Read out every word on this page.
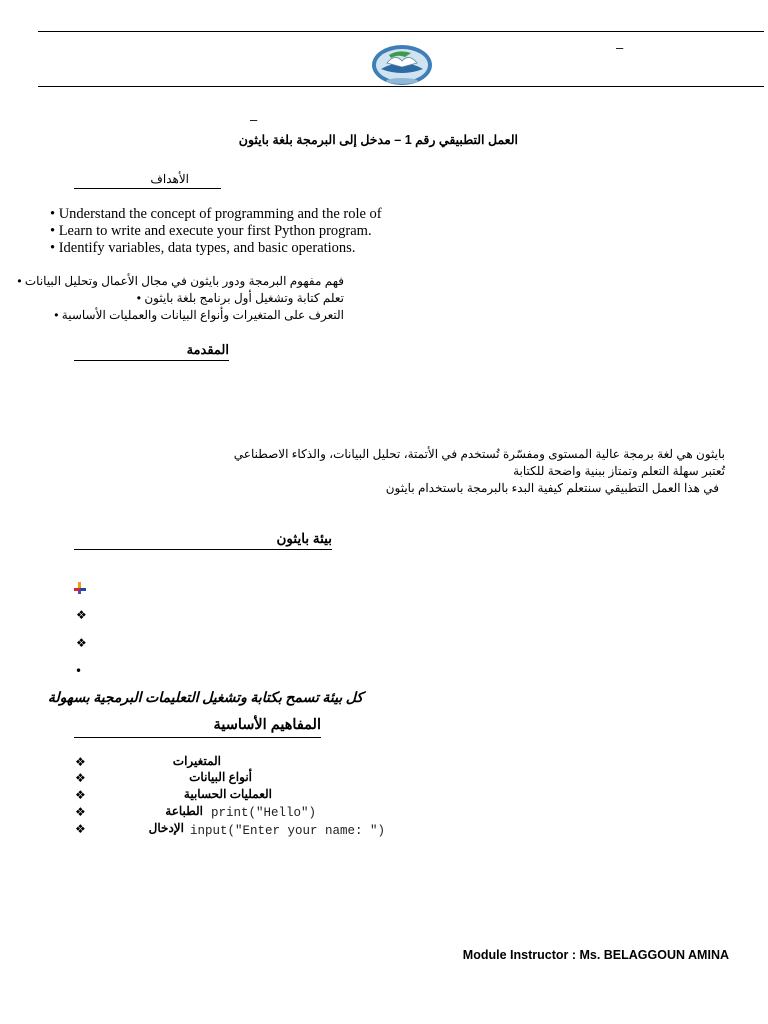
–
–
العمل التطبيقي رقم 1 – مدخل إلى البرمجة بلغة بايثون
الأهداف
• Understand the concept of programming and the role of
• Learn to write and execute your first Python program.
• Identify variables, data types, and basic operations.
فهم مفهوم البرمجة ودور بايثون في مجال الأعمال وتحليل البيانات •
تعلم كتابة وتشغيل أول برنامج بلغة بايثون •
التعرف على المتغيرات وأنواع البيانات والعمليات الأساسية •
المقدمة
بايثون هي لغة برمجة عالية المستوى ومفسّرة تُستخدم في الأتمتة، تحليل البيانات، والذكاء الاصطناعي
تُعتبر سهلة التعلم وتمتاز ببنية واضحة للكتابة
في هذا العمل التطبيقي سنتعلم كيفية البدء بالبرمجة باستخدام بايثون
بيئة بايثون
❖
❖
•
كل بيئة تسمح بكتابة وتشغيل التعليمات البرمجية بسهولة
المفاهيم الأساسية
❖	المتغيرات
❖	أنواع البيانات
❖	العمليات الحسابية
❖	الطباعة print("Hello")
❖	الإدخال input("Enter your name: ")
Module Instructor : Ms. BELAGGOUN AMINA
